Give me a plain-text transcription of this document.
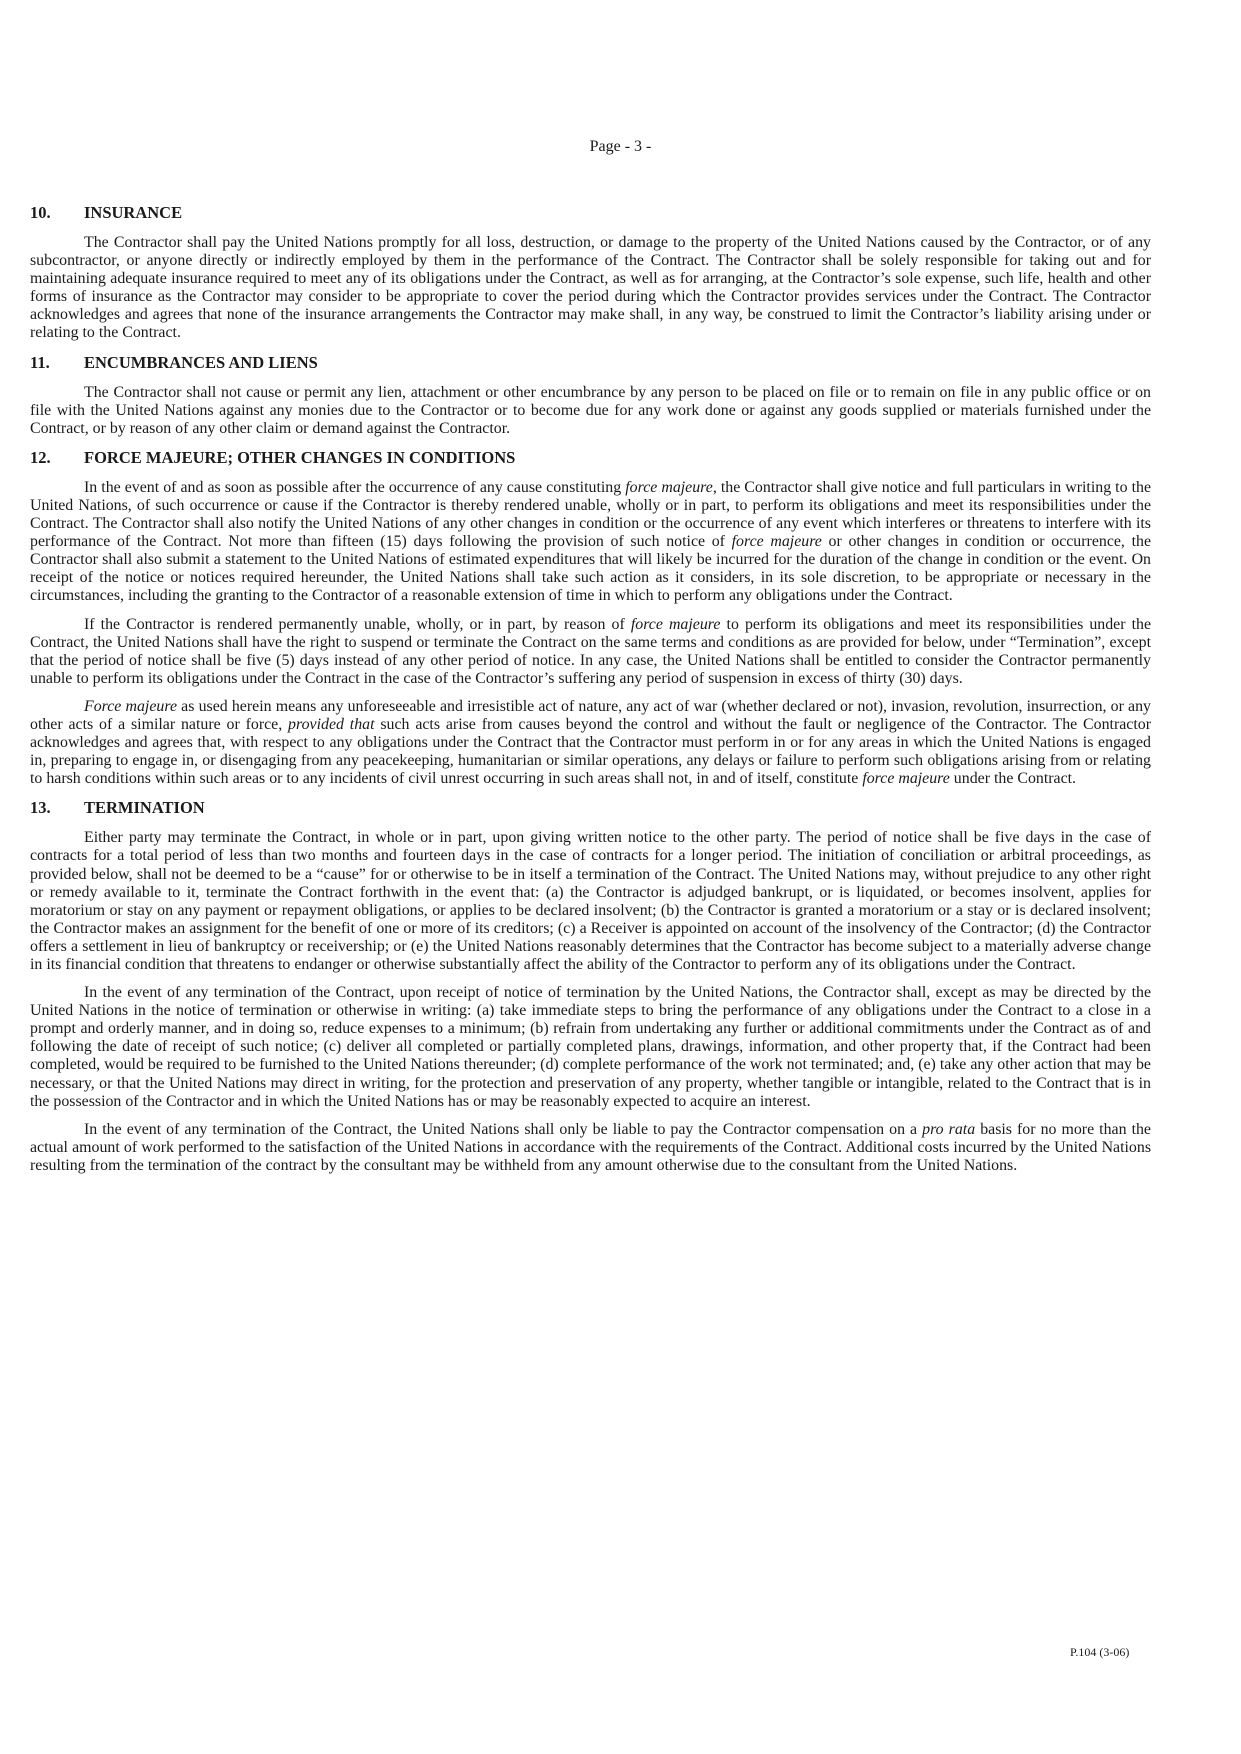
Page - 3 -
10.	INSURANCE

The Contractor shall pay the United Nations promptly for all loss, destruction, or damage to the property of the United Nations caused by the Contractor, or of any subcontractor, or anyone directly or indirectly employed by them in the performance of the Contract. The Contractor shall be solely responsible for taking out and for maintaining adequate insurance required to meet any of its obligations under the Contract, as well as for arranging, at the Contractor’s sole expense, such life, health and other forms of insurance as the Contractor may consider to be appropriate to cover the period during which the Contractor provides services under the Contract. The Contractor acknowledges and agrees that none of the insurance arrangements the Contractor may make shall, in any way, be construed to limit the Contractor’s liability arising under or relating to the Contract.

11.	ENCUMBRANCES AND LIENS

The Contractor shall not cause or permit any lien, attachment or other encumbrance by any person to be placed on file or to remain on file in any public office or on file with the United Nations against any monies due to the Contractor or to become due for any work done or against any goods supplied or materials furnished under the Contract, or by reason of any other claim or demand against the Contractor.

12.	FORCE MAJEURE; OTHER CHANGES IN CONDITIONS

In the event of and as soon as possible after the occurrence of any cause constituting force majeure, the Contractor shall give notice and full particulars in writing to the United Nations, of such occurrence or cause if the Contractor is thereby rendered unable, wholly or in part, to perform its obligations and meet its responsibilities under the Contract. The Contractor shall also notify the United Nations of any other changes in condition or the occurrence of any event which interferes or threatens to interfere with its performance of the Contract. Not more than fifteen (15) days following the provision of such notice of force majeure or other changes in condition or occurrence, the Contractor shall also submit a statement to the United Nations of estimated expenditures that will likely be incurred for the duration of the change in condition or the event. On receipt of the notice or notices required hereunder, the United Nations shall take such action as it considers, in its sole discretion, to be appropriate or necessary in the circumstances, including the granting to the Contractor of a reasonable extension of time in which to perform any obligations under the Contract.

If the Contractor is rendered permanently unable, wholly, or in part, by reason of force majeure to perform its obligations and meet its responsibilities under the Contract, the United Nations shall have the right to suspend or terminate the Contract on the same terms and conditions as are provided for below, under “Termination”, except that the period of notice shall be five (5) days instead of any other period of notice. In any case, the United Nations shall be entitled to consider the Contractor permanently unable to perform its obligations under the Contract in the case of the Contractor’s suffering any period of suspension in excess of thirty (30) days.

Force majeure as used herein means any unforeseeable and irresistible act of nature, any act of war (whether declared or not), invasion, revolution, insurrection, or any other acts of a similar nature or force, provided that such acts arise from causes beyond the control and without the fault or negligence of the Contractor. The Contractor acknowledges and agrees that, with respect to any obligations under the Contract that the Contractor must perform in or for any areas in which the United Nations is engaged in, preparing to engage in, or disengaging from any peacekeeping, humanitarian or similar operations, any delays or failure to perform such obligations arising from or relating to harsh conditions within such areas or to any incidents of civil unrest occurring in such areas shall not, in and of itself, constitute force majeure under the Contract.

13.	TERMINATION

Either party may terminate the Contract, in whole or in part, upon giving written notice to the other party. The period of notice shall be five days in the case of contracts for a total period of less than two months and fourteen days in the case of contracts for a longer period. The initiation of conciliation or arbitral proceedings, as provided below, shall not be deemed to be a “cause” for or otherwise to be in itself a termination of the Contract. The United Nations may, without prejudice to any other right or remedy available to it, terminate the Contract forthwith in the event that: (a) the Contractor is adjudged bankrupt, or is liquidated, or becomes insolvent, applies for moratorium or stay on any payment or repayment obligations, or applies to be declared insolvent; (b) the Contractor is granted a moratorium or a stay or is declared insolvent; the Contractor makes an assignment for the benefit of one or more of its creditors; (c) a Receiver is appointed on account of the insolvency of the Contractor; (d) the Contractor offers a settlement in lieu of bankruptcy or receivership; or (e) the United Nations reasonably determines that the Contractor has become subject to a materially adverse change in its financial condition that threatens to endanger or otherwise substantially affect the ability of the Contractor to perform any of its obligations under the Contract.

In the event of any termination of the Contract, upon receipt of notice of termination by the United Nations, the Contractor shall, except as may be directed by the United Nations in the notice of termination or otherwise in writing: (a) take immediate steps to bring the performance of any obligations under the Contract to a close in a prompt and orderly manner, and in doing so, reduce expenses to a minimum; (b) refrain from undertaking any further or additional commitments under the Contract as of and following the date of receipt of such notice; (c) deliver all completed or partially completed plans, drawings, information, and other property that, if the Contract had been completed, would be required to be furnished to the United Nations thereunder; (d) complete performance of the work not terminated; and, (e) take any other action that may be necessary, or that the United Nations may direct in writing, for the protection and preservation of any property, whether tangible or intangible, related to the Contract that is in the possession of the Contractor and in which the United Nations has or may be reasonably expected to acquire an interest.

In the event of any termination of the Contract, the United Nations shall only be liable to pay the Contractor compensation on a pro rata basis for no more than the actual amount of work performed to the satisfaction of the United Nations in accordance with the requirements of the Contract. Additional costs incurred by the United Nations resulting from the termination of the contract by the consultant may be withheld from any amount otherwise due to the consultant from the United Nations.

P.104 (3-06)
